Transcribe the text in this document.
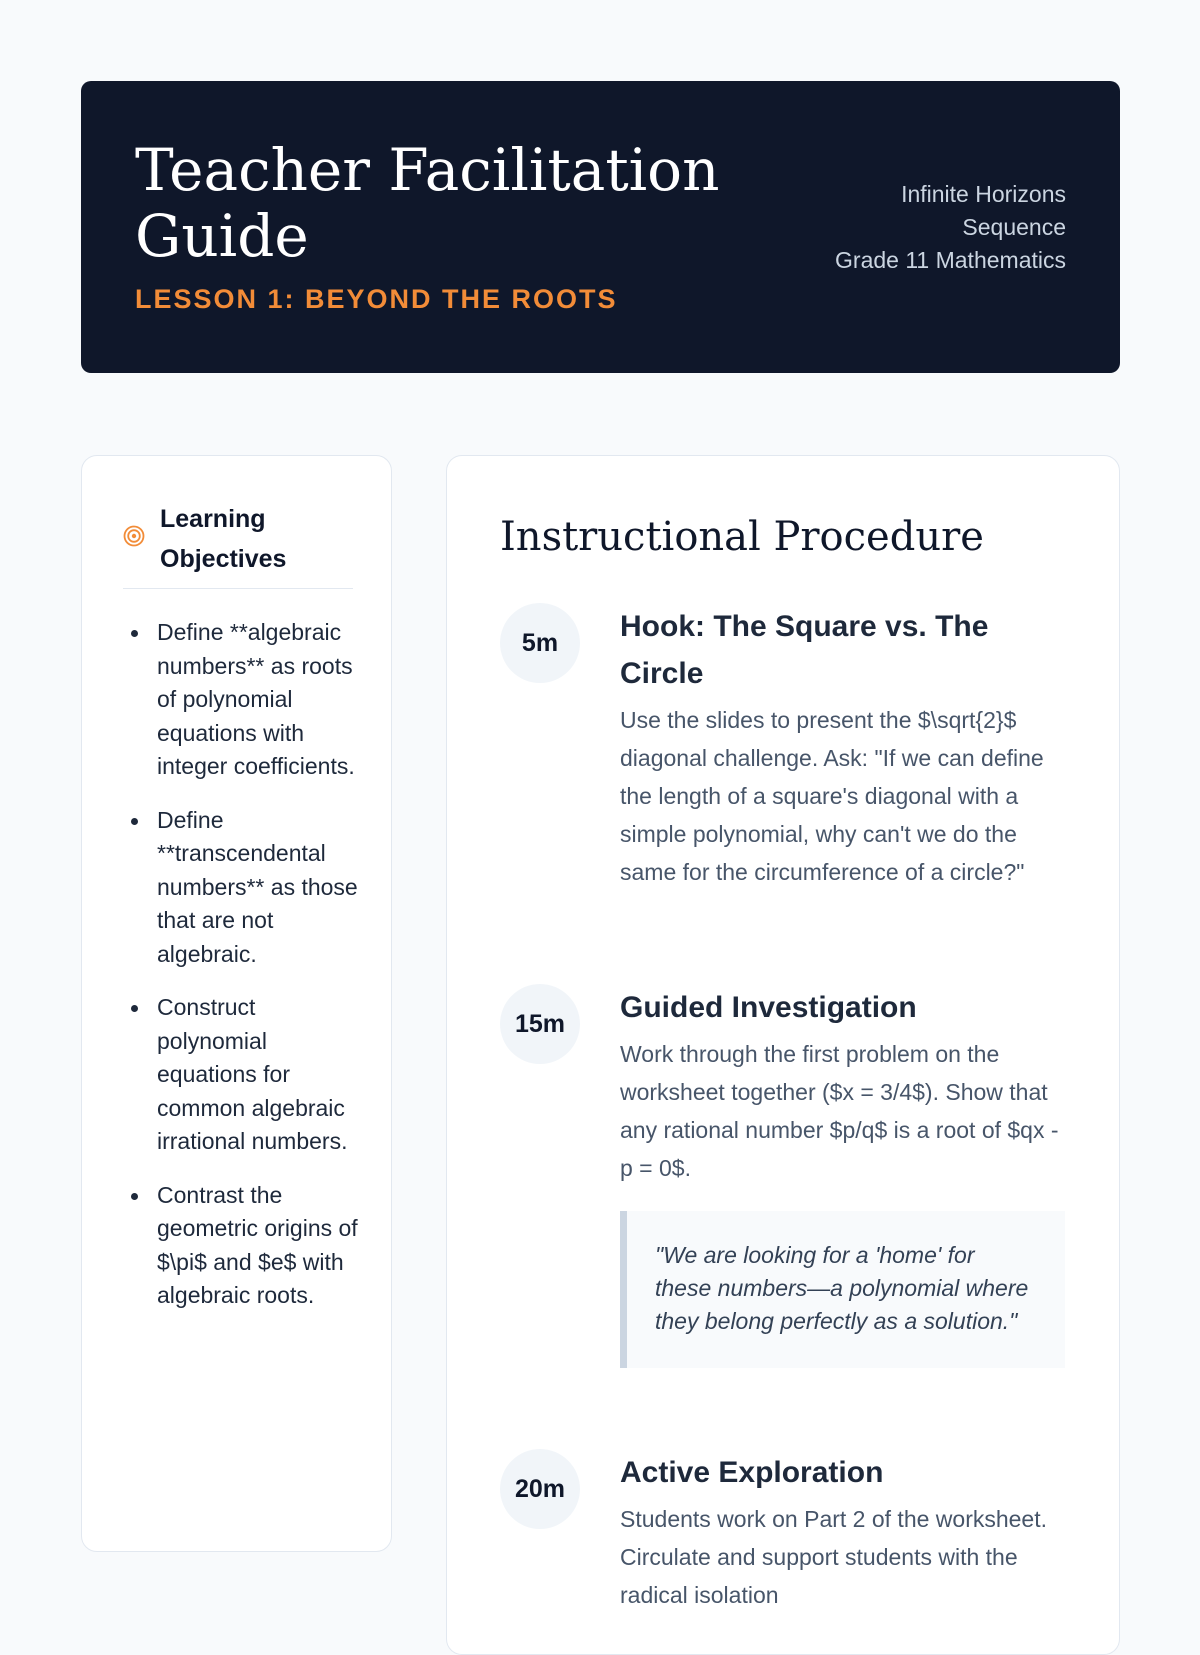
Teacher Facilitation Guide
LESSON 1: BEYOND THE ROOTS
Infinite Horizons Sequence
Grade 11 Mathematics
Learning Objectives
Define **algebraic numbers** as roots of polynomial equations with integer coefficients.
Define **transcendental numbers** as those that are not algebraic.
Construct polynomial equations for common algebraic irrational numbers.
Contrast the geometric origins of $\pi$ and $e$ with algebraic roots.
Instructional Procedure
5m	Hook: The Square vs. The Circle
Use the slides to present the $\sqrt{2}$ diagonal challenge. Ask: "If we can define the length of a square's diagonal with a simple polynomial, why can't we do the same for the circumference of a circle?"
15m	Guided Investigation
Work through the first problem on the worksheet together ($x = 3/4$). Show that any rational number $p/q$ is a root of $qx - p = 0$.
"We are looking for a 'home' for these numbers—a polynomial where they belong perfectly as a solution."
20m	Active Exploration
Students work on Part 2 of the worksheet. Circulate and support students with the radical isolation
